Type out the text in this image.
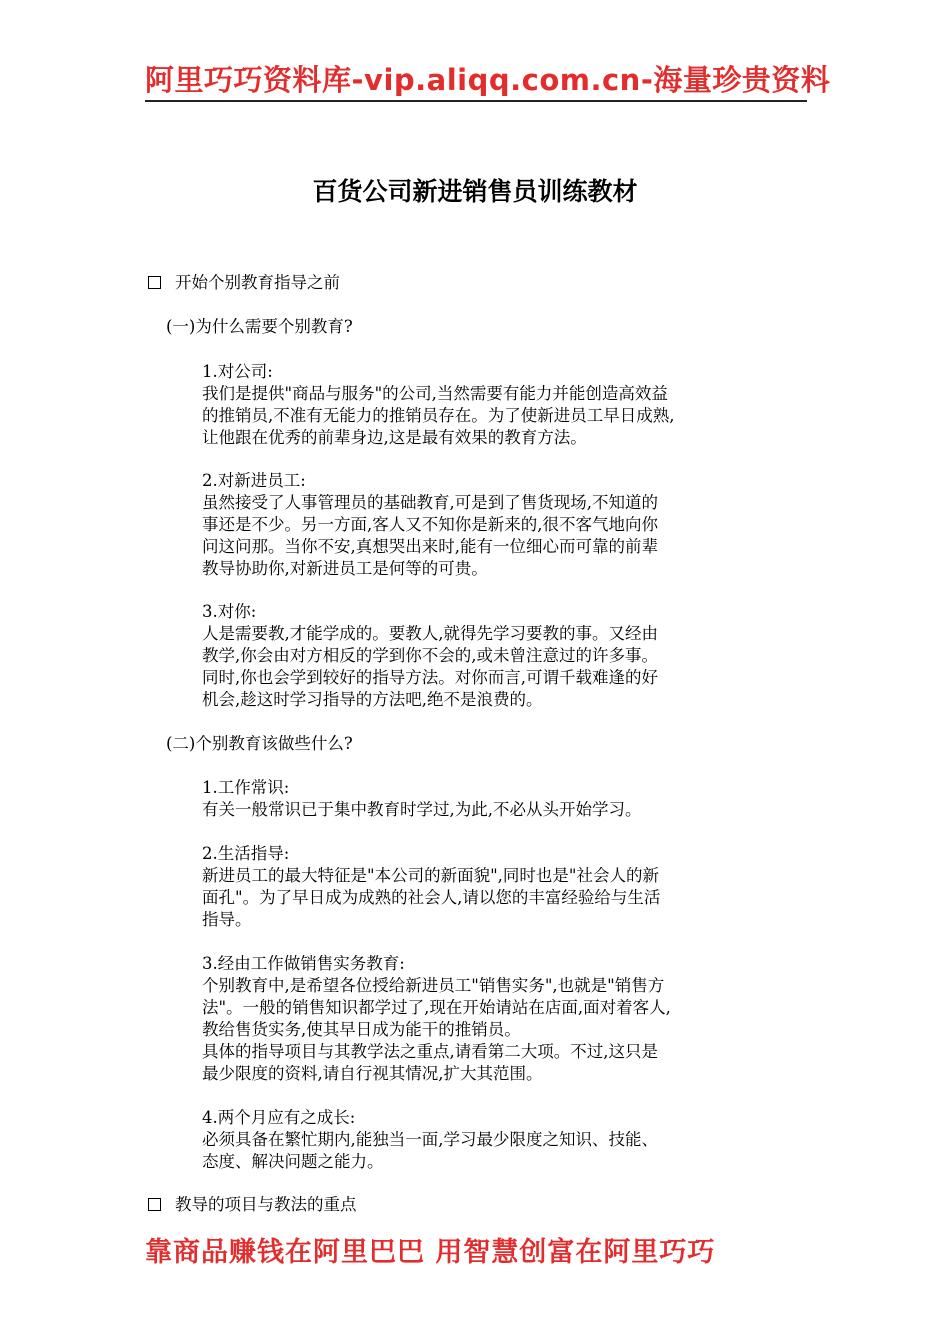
阿里巧巧资料库-vip.aliqq.com.cn-海量珍贵资料
百货公司新进销售员训练教材
开始个别教育指导之前
(一)为什么需要个别教育?
1.对公司:
我们是提供"商品与服务"的公司,当然需要有能力并能创造高效益
的推销员,不准有无能力的推销员存在。为了使新进员工早日成熟,
让他跟在优秀的前辈身边,这是最有效果的教育方法。
2.对新进员工:
虽然接受了人事管理员的基础教育,可是到了售货现场,不知道的
事还是不少。另一方面,客人又不知你是新来的,很不客气地向你
问这问那。当你不安,真想哭出来时,能有一位细心而可靠的前辈
教导协助你,对新进员工是何等的可贵。
3.对你:
人是需要教,才能学成的。要教人,就得先学习要教的事。又经由
教学,你会由对方相反的学到你不会的,或未曾注意过的许多事。
同时,你也会学到较好的指导方法。对你而言,可谓千载难逢的好
机会,趁这时学习指导的方法吧,绝不是浪费的。
(二)个别教育该做些什么?
1.工作常识:
有关一般常识已于集中教育时学过,为此,不必从头开始学习。
2.生活指导:
新进员工的最大特征是"本公司的新面貌",同时也是"社会人的新
面孔"。为了早日成为成熟的社会人,请以您的丰富经验给与生活
指导。
3.经由工作做销售实务教育:
个别教育中,是希望各位授给新进员工"销售实务",也就是"销售方
法"。一般的销售知识都学过了,现在开始请站在店面,面对着客人,
教给售货实务,使其早日成为能干的推销员。
具体的指导项目与其教学法之重点,请看第二大项。不过,这只是
最少限度的资料,请自行视其情况,扩大其范围。
4.两个月应有之成长:
必须具备在繁忙期内,能独当一面,学习最少限度之知识、技能、
态度、解决问题之能力。
教导的项目与教法的重点
靠商品赚钱在阿里巴巴 用智慧创富在阿里巧巧
